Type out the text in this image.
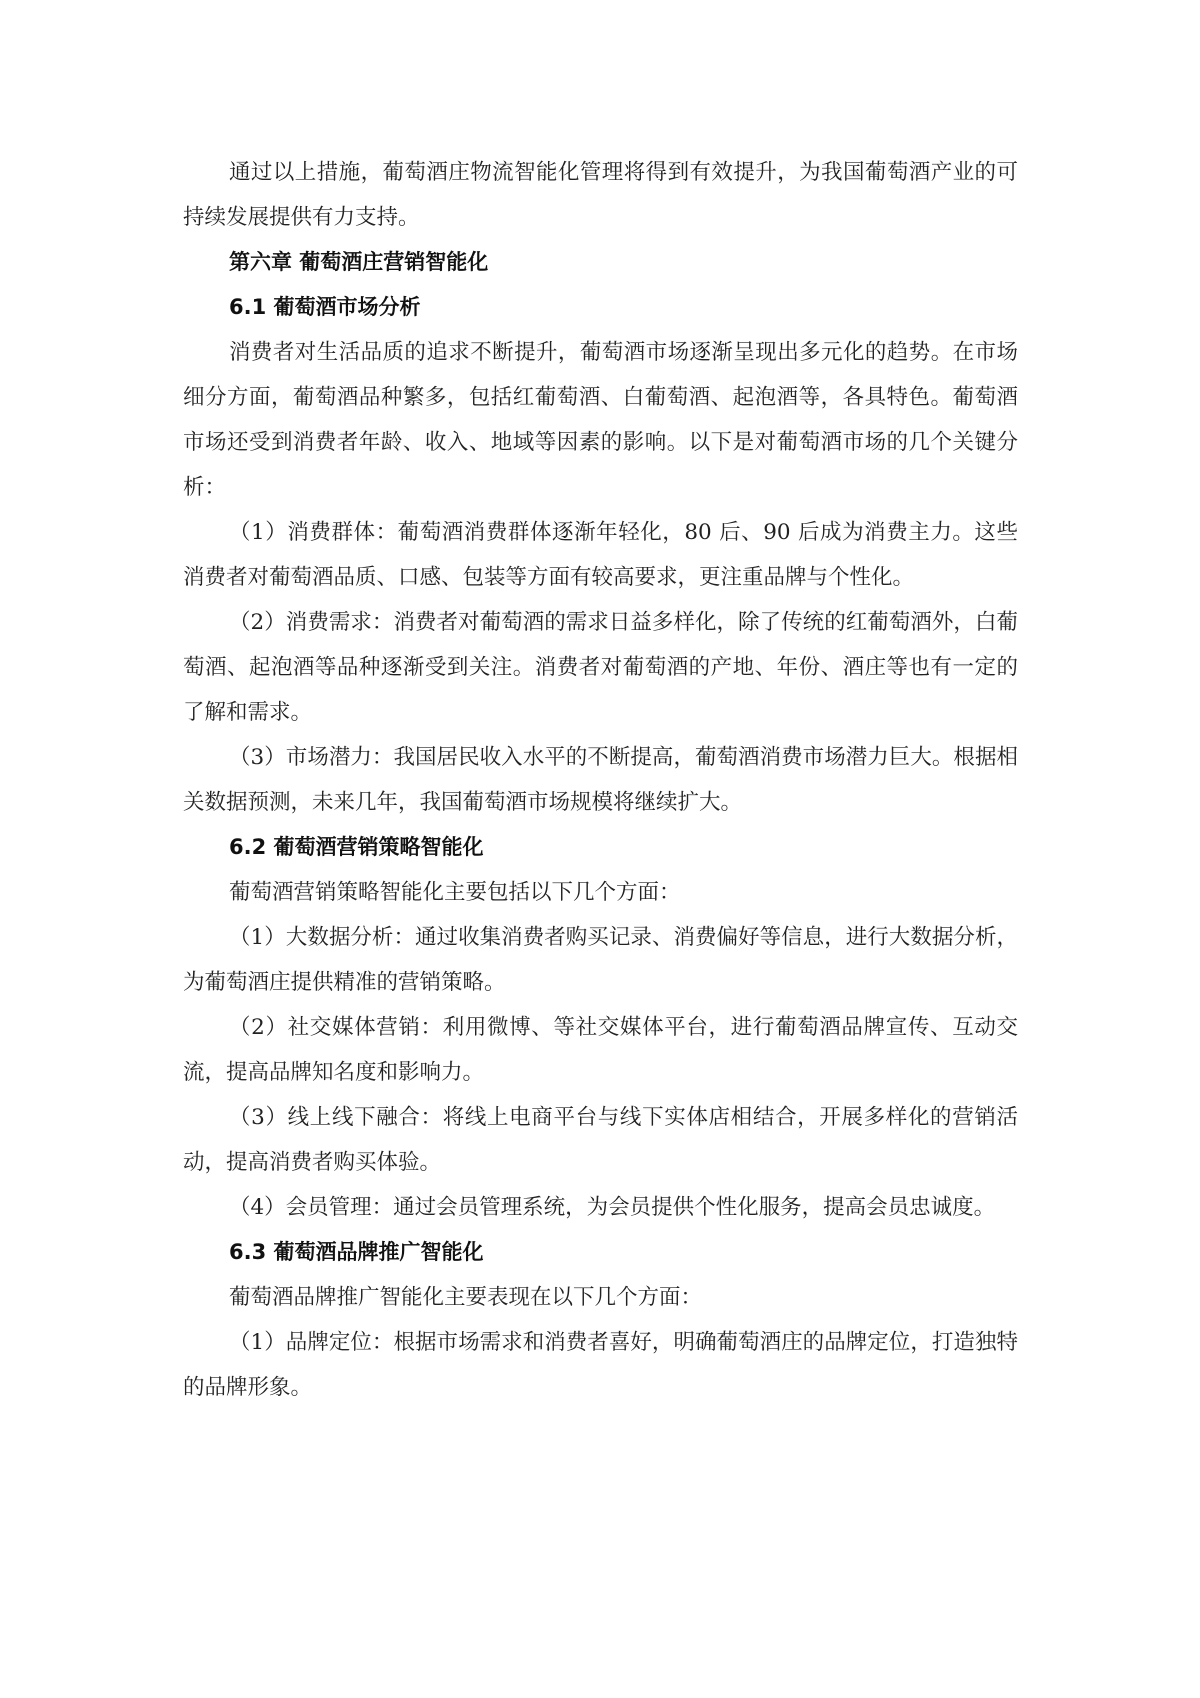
通过以上措施，葡萄酒庄物流智能化管理将得到有效提升，为我国葡萄酒产业的可持续发展提供有力支持。

第六章 葡萄酒庄营销智能化

6.1 葡萄酒市场分析

消费者对生活品质的追求不断提升，葡萄酒市场逐渐呈现出多元化的趋势。在市场细分方面，葡萄酒品种繁多，包括红葡萄酒、白葡萄酒、起泡酒等，各具特色。葡萄酒市场还受到消费者年龄、收入、地域等因素的影响。以下是对葡萄酒市场的几个关键分析：

（1）消费群体：葡萄酒消费群体逐渐年轻化，80 后、90 后成为消费主力。这些消费者对葡萄酒品质、口感、包装等方面有较高要求，更注重品牌与个性化。

（2）消费需求：消费者对葡萄酒的需求日益多样化，除了传统的红葡萄酒外，白葡萄酒、起泡酒等品种逐渐受到关注。消费者对葡萄酒的产地、年份、酒庄等也有一定的了解和需求。

（3）市场潜力：我国居民收入水平的不断提高，葡萄酒消费市场潜力巨大。根据相关数据预测，未来几年，我国葡萄酒市场规模将继续扩大。

6.2 葡萄酒营销策略智能化

葡萄酒营销策略智能化主要包括以下几个方面：

（1）大数据分析：通过收集消费者购买记录、消费偏好等信息，进行大数据分析，为葡萄酒庄提供精准的营销策略。

（2）社交媒体营销：利用微博、等社交媒体平台，进行葡萄酒品牌宣传、互动交流，提高品牌知名度和影响力。

（3）线上线下融合：将线上电商平台与线下实体店相结合，开展多样化的营销活动，提高消费者购买体验。

（4）会员管理：通过会员管理系统，为会员提供个性化服务，提高会员忠诚度。

6.3 葡萄酒品牌推广智能化

葡萄酒品牌推广智能化主要表现在以下几个方面：

（1）品牌定位：根据市场需求和消费者喜好，明确葡萄酒庄的品牌定位，打造独特的品牌形象。
